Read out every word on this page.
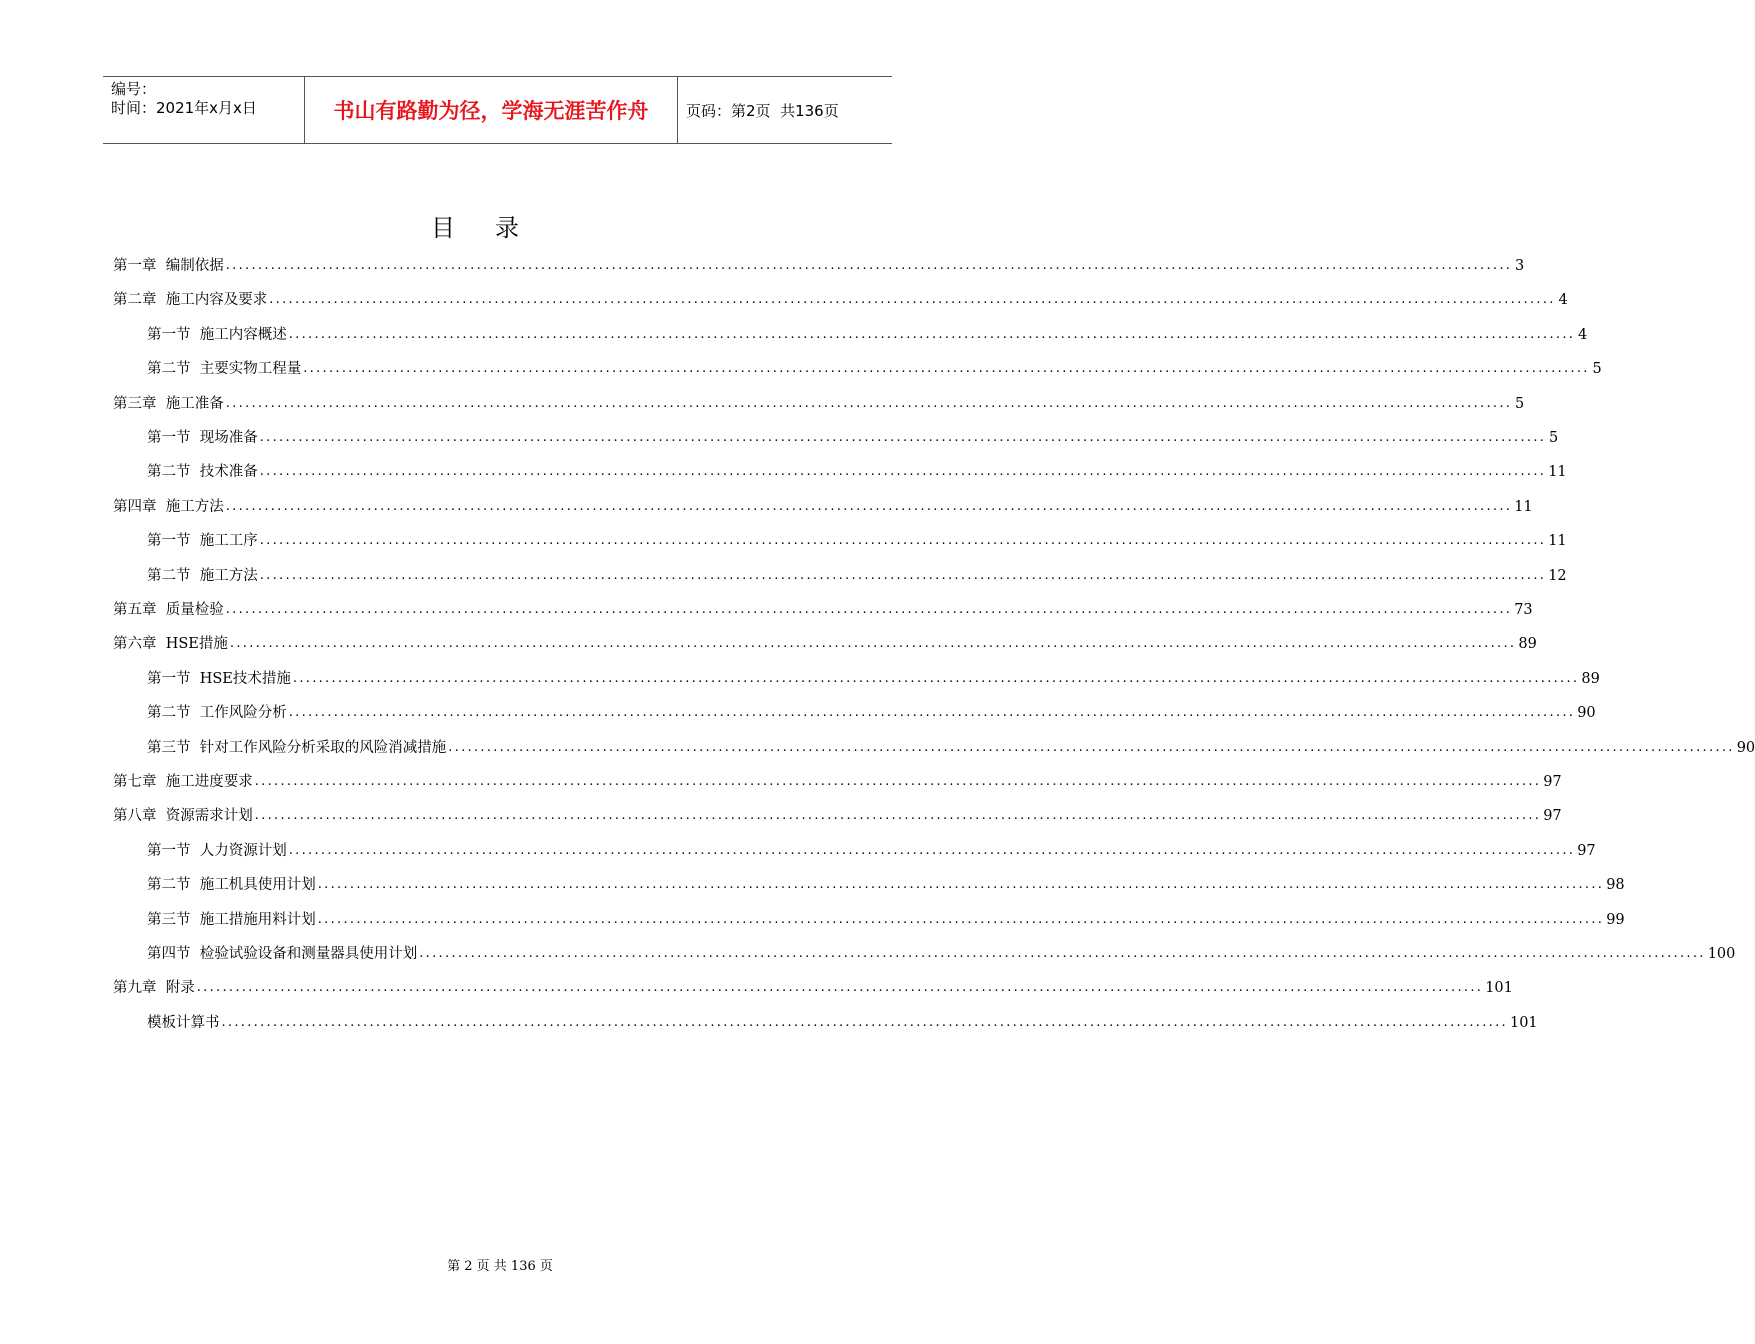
编号：
时间：2021年x月x日	书山有路勤为径，学海无涯苦作舟	页码：第2页  共136页
目录
第一章  编制依据 ........................................................................................................................................................................................................ 3
第二章  施工内容及要求 ........................................................................................................................................................................................................ 4
第一节  施工内容概述 ........................................................................................................................................................................................................ 4
第二节  主要实物工程量 ........................................................................................................................................................................................................ 5
第三章  施工准备 ........................................................................................................................................................................................................ 5
第一节  现场准备 ........................................................................................................................................................................................................ 5
第二节  技术准备 ........................................................................................................................................................................................................ 11
第四章  施工方法 ........................................................................................................................................................................................................ 11
第一节  施工工序 ........................................................................................................................................................................................................ 11
第二节  施工方法 ........................................................................................................................................................................................................ 12
第五章  质量检验 ........................................................................................................................................................................................................ 73
第六章  HSE措施 ........................................................................................................................................................................................................ 89
第一节  HSE技术措施 ........................................................................................................................................................................................................ 89
第二节  工作风险分析 ........................................................................................................................................................................................................ 90
第三节  针对工作风险分析采取的风险消减措施 ........................................................................................................................................................................................................ 90
第七章  施工进度要求 ........................................................................................................................................................................................................ 97
第八章  资源需求计划 ........................................................................................................................................................................................................ 97
第一节  人力资源计划 ........................................................................................................................................................................................................ 97
第二节  施工机具使用计划 ........................................................................................................................................................................................................ 98
第三节  施工措施用料计划 ........................................................................................................................................................................................................ 99
第四节  检验试验设备和测量器具使用计划 ........................................................................................................................................................................................................ 100
第九章  附录 ........................................................................................................................................................................................................ 101
模板计算书 ........................................................................................................................................................................................................ 101
第 2 页 共 136 页
